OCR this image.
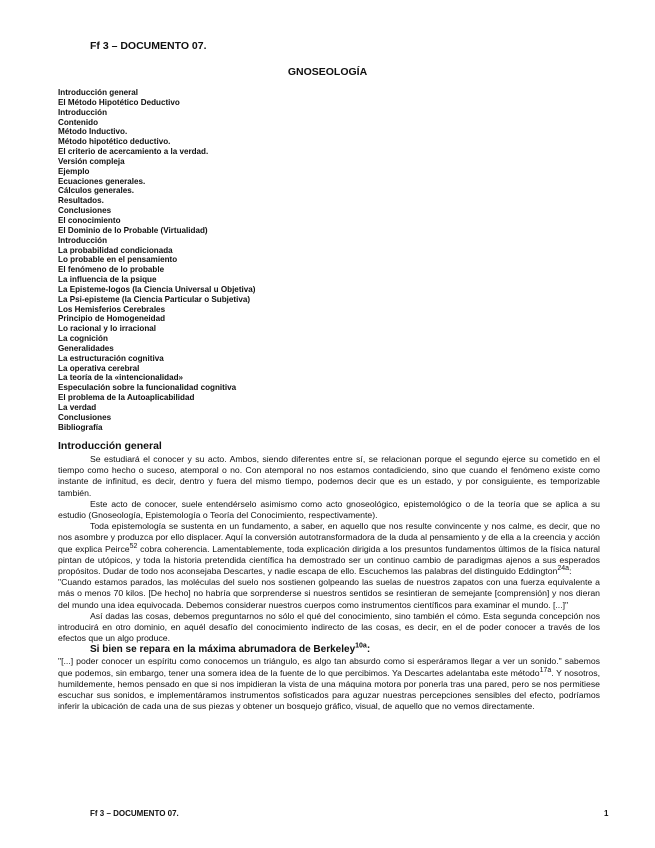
Ff 3 – DOCUMENTO 07.
GNOSEOLOGÍA
Introducción general
El Método Hipotético Deductivo
Introducción
Contenido
Método Inductivo.
Método hipotético deductivo.
El criterio de acercamiento a la verdad.
Versión compleja
Ejemplo
Ecuaciones generales.
Cálculos generales.
Resultados.
Conclusiones
El conocimiento
El Dominio de lo Probable (Virtualidad)
Introducción
La probabilidad condicionada
Lo probable en el pensamiento
El fenómeno de lo probable
La influencia de la psique
La Episteme-logos (la Ciencia Universal u Objetiva)
La Psi-episteme (la Ciencia Particular o Subjetiva)
Los Hemisferios Cerebrales
Principio de Homogeneidad
Lo racional y lo irracional
La cognición
Generalidades
La estructuración cognitiva
La operativa cerebral
La teoría de la «intencionalidad»
Especulación sobre la funcionalidad cognitiva
El problema de la Autoaplicabilidad
La verdad
Conclusiones
Bibliografía
Introducción general

Se estudiará el conocer y su acto. Ambos, siendo diferentes entre sí, se relacionan porque el segundo ejerce su cometido en el tiempo como hecho o suceso, atemporal o no. Con atemporal no nos estamos contadiciendo, sino que cuando el fenómeno existe como instante de infinitud, es decir, dentro y fuera del mismo tiempo, podemos decir que es un estado, y por consiguiente, es temporizable también.

Este acto de conocer, suele entendérselo asimismo como acto gnoseológico, epistemológico o de la teoría que se aplica a su estudio (Gnoseología, Epistemología o Teoría del Conocimiento, respectivamente).

Toda epistemología se sustenta en un fundamento, a saber, en aquello que nos resulte convincente y nos calme, es decir, que no nos asombre y produzca por ello displacer. Aquí la conversión autotransformadora de la duda al pensamiento y de ella a la creencia y acción que explica Peirce$^{52}$ cobra coherencia. Lamentablemente, toda explicación dirigida a los presuntos fundamentos últimos de la física natural pintan de utópicos, y toda la historia pretendida científica ha demostrado ser un continuo cambio de paradigmas ajenos a sus esperados propósitos. Dudar de todo nos aconsejaba Descartes, y nadie escapa de ello. Escuchemos las palabras del distinguido Eddington$^{24a}$:

"Cuando estamos parados, las moléculas del suelo nos sostienen golpeando las suelas de nuestros zapatos con una fuerza equivalente a más o menos 70 kilos. [De hecho] no habría que sorprenderse si nuestros sentidos se resintieran de semejante [comprensión] y nos dieran del mundo una idea equivocada. Debemos considerar nuestros cuerpos como instrumentos científicos para examinar el mundo. [...]"

Así dadas las cosas, debemos preguntarnos no sólo el qué del conocimiento, sino también el cómo. Esta segunda concepción nos introducirá en otro dominio, en aquél desafío del conocimiento indirecto de las cosas, es decir, en el de poder conocer a través de los efectos que un algo produce.

Si bien se repara en la máxima abrumadora de Berkeley$^{10a}$:

"[...] poder conocer un espíritu como conocemos un triángulo, es algo tan absurdo como si esperáramos llegar a ver un sonido." sabemos que podemos, sin embargo, tener una somera idea de la fuente de lo que percibimos. Ya Descartes adelantaba este método$^{17a}$. Y nosotros, humildemente, hemos pensado en que si nos impidieran la vista de una máquina motora por ponerla tras una pared, pero se nos permitiese escuchar sus sonidos, e implementáramos instrumentos sofisticados para aguzar nuestras percepciones sensibles del efecto, podríamos inferir la ubicación de cada una de sus piezas y obtener un bosquejo gráfico, visual, de aquello que no vemos directamente.

Ff 3 – DOCUMENTO 07.	1
